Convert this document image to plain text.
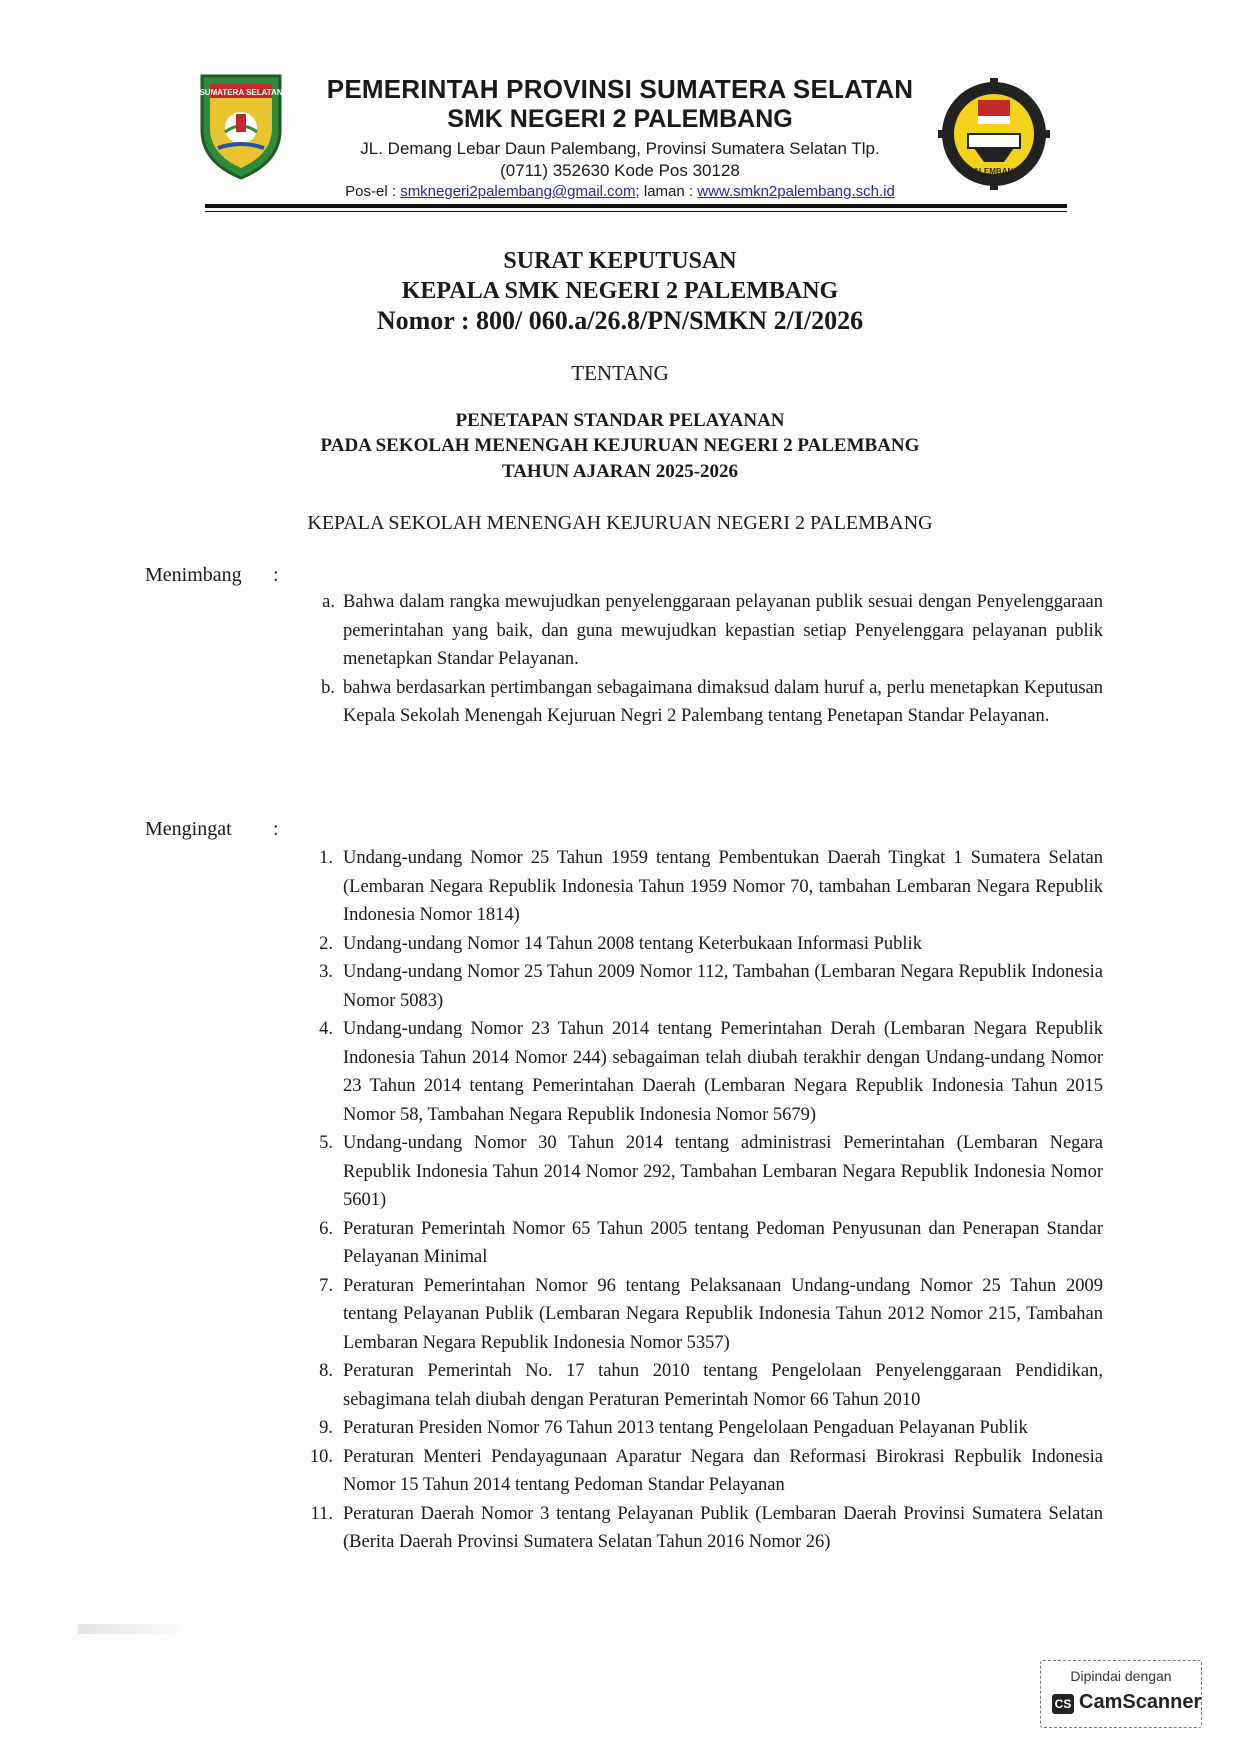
SUMATERA SELATAN
PALEMBANG
PEMERINTAH PROVINSI SUMATERA SELATAN
SMK NEGERI 2 PALEMBANG
JL. Demang Lebar Daun Palembang, Provinsi Sumatera Selatan Tlp.
(0711) 352630 Kode Pos 30128
Pos-el : smknegeri2palembang@gmail.com; laman : www.smkn2palembang.sch.id
SURAT KEPUTUSAN
KEPALA SMK NEGERI 2 PALEMBANG
Nomor : 800/ 060.a/26.8/PN/SMKN 2/I/2026
TENTANG
PENETAPAN STANDAR PELAYANAN
PADA SEKOLAH MENENGAH KEJURUAN NEGERI 2 PALEMBANG
TAHUN AJARAN 2025-2026
KEPALA SEKOLAH MENENGAH KEJURUAN NEGERI 2 PALEMBANG
Menimbang :
a. Bahwa dalam rangka mewujudkan penyelenggaraan pelayanan publik sesuai dengan Penyelenggaraan pemerintahan yang baik, dan guna mewujudkan kepastian setiap Penyelenggara pelayanan publik menetapkan Standar Pelayanan.
b. bahwa berdasarkan pertimbangan sebagaimana dimaksud dalam huruf a, perlu menetapkan Keputusan Kepala Sekolah Menengah Kejuruan Negri 2 Palembang tentang Penetapan Standar Pelayanan.
Mengingat :
1. Undang-undang Nomor 25 Tahun 1959 tentang Pembentukan Daerah Tingkat 1 Sumatera Selatan (Lembaran Negara Republik Indonesia Tahun 1959 Nomor 70, tambahan Lembaran Negara Republik Indonesia Nomor 1814)
2. Undang-undang Nomor 14 Tahun 2008 tentang Keterbukaan Informasi Publik
3. Undang-undang Nomor 25 Tahun 2009 Nomor 112, Tambahan (Lembaran Negara Republik Indonesia Nomor 5083)
4. Undang-undang Nomor 23 Tahun 2014 tentang Pemerintahan Derah (Lembaran Negara Republik Indonesia Tahun 2014 Nomor 244) sebagaiman telah diubah terakhir dengan Undang-undang Nomor 23 Tahun 2014 tentang Pemerintahan Daerah (Lembaran Negara Republik Indonesia Tahun 2015 Nomor 58, Tambahan Negara Republik Indonesia Nomor 5679)
5. Undang-undang Nomor 30 Tahun 2014 tentang administrasi Pemerintahan (Lembaran Negara Republik Indonesia Tahun 2014 Nomor 292, Tambahan Lembaran Negara Republik Indonesia Nomor 5601)
6. Peraturan Pemerintah Nomor 65 Tahun 2005 tentang Pedoman Penyusunan dan Penerapan Standar Pelayanan Minimal
7. Peraturan Pemerintahan Nomor 96 tentang Pelaksanaan Undang-undang Nomor 25 Tahun 2009 tentang Pelayanan Publik (Lembaran Negara Republik Indonesia Tahun 2012 Nomor 215, Tambahan Lembaran Negara Republik Indonesia Nomor 5357)
8. Peraturan Pemerintah No. 17 tahun 2010 tentang Pengelolaan Penyelenggaraan Pendidikan, sebagimana telah diubah dengan Peraturan Pemerintah Nomor 66 Tahun 2010
9. Peraturan Presiden Nomor 76 Tahun 2013 tentang Pengelolaan Pengaduan Pelayanan Publik
10. Peraturan Menteri Pendayagunaan Aparatur Negara dan Reformasi Birokrasi Repbulik Indonesia Nomor 15 Tahun 2014 tentang Pedoman Standar Pelayanan
11. Peraturan Daerah Nomor 3 tentang Pelayanan Publik (Lembaran Daerah Provinsi Sumatera Selatan (Berita Daerah Provinsi Sumatera Selatan Tahun 2016 Nomor 26)
Dipindai dengan
CS CamScanner
